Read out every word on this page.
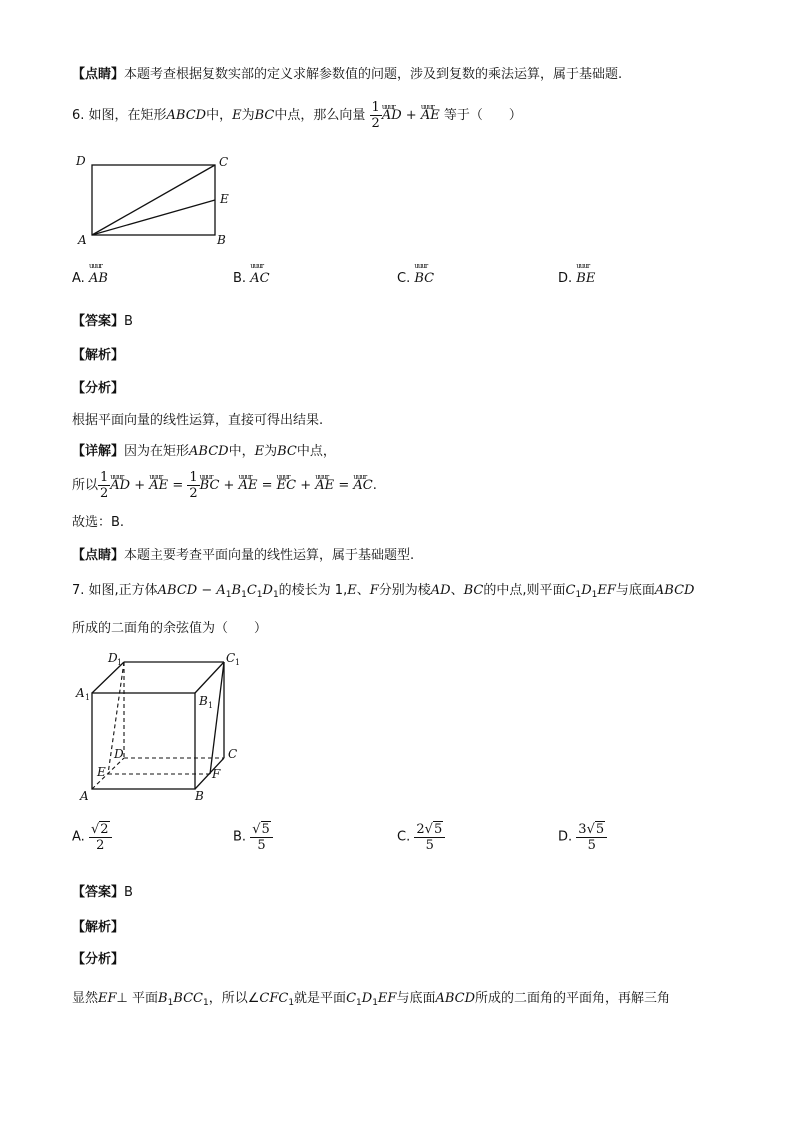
【点睛】本题考查根据复数实部的定义求解参数值的问题，涉及到复数的乘法运算，属于基础题.
6. 如图，在矩形ABCD中，E为BC中点，那么向量 $\frac{1}{2}$ uuur AD + uuur AE 等于（　　）
D	C
E
A	B
A. uuur AB	B. uuur AC	C. uuur BC	D. uuur BE
【答案】B
【解析】
【分析】
根据平面向量的线性运算，直接可得出结果.
【详解】因为在矩形ABCD中，E为BC中点，
所以 $\frac{1}{2}$ uuur AD + uuur AE = $\frac{1}{2}$ uuur BC + uuur AE = uuur EC + uuur AE = uuur AC.
故选：B.
【点睛】本题主要考查平面向量的线性运算，属于基础题型.
7. 如图,正方体ABCD − $A_1B_1C_1D_1$的棱长为 1,E、F分别为棱AD、BC的中点,则平面$C_1D_1EF$与底面ABCD
所成的二面角的余弦值为（　　）
D 1	C 1
A 1	B 1
D	C
E	F
A	B
A. $\frac{√2}{2}$	B. $\frac{√5}{5}$	C. $\frac{2√5}{5}$	D. $\frac{3√5}{5}$
【答案】B
【解析】
【分析】
显然EF⊥ 平面$B_1BCC_1$，所以$\angle CFC_1$就是平面$C_1D_1EF$与底面ABCD所成的二面角的平面角，再解三角
